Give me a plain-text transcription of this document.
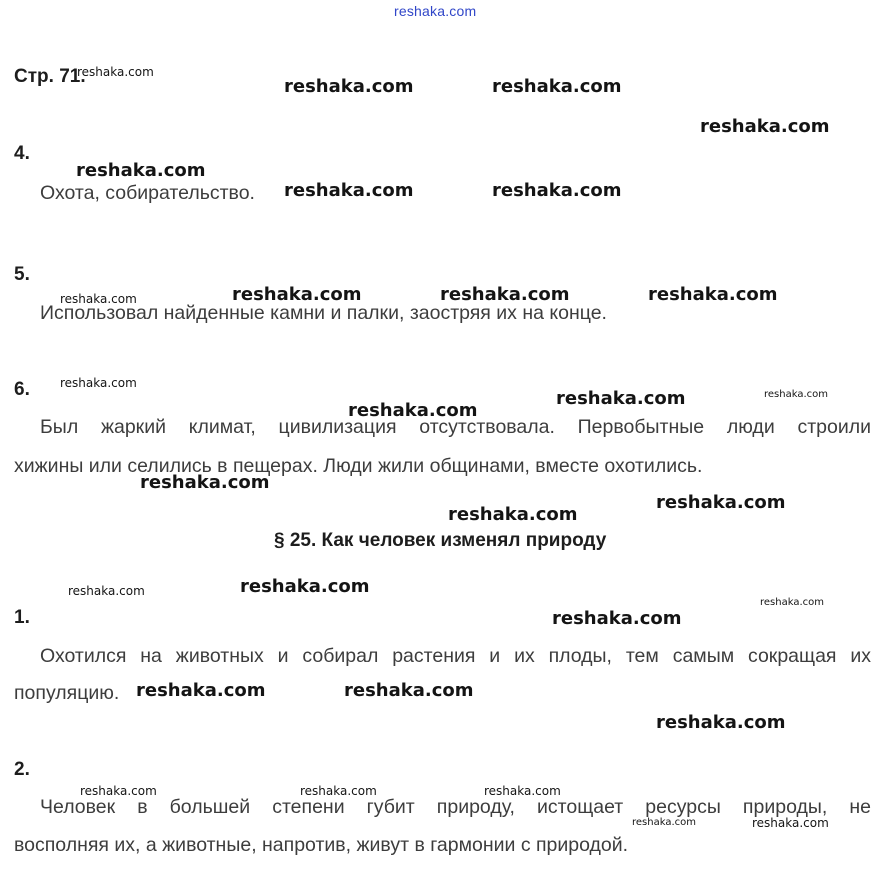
reshaka.com
Стр. 71.
4.
Охота, собирательство.
5.
Использовал найденные камни и палки, заостряя их на конце.
6.
Был жаркий климат, цивилизация отсутствовала. Первобытные люди строили
хижины или селились в пещерах. Люди жили общинами, вместе охотились.
§ 25. Как человек изменял природу
1.
Охотился на животных и собирал растения и их плоды, тем самым сокращая их
популяцию.
2.
Человек в большей степени губит природу, истощает ресурсы природы, не
восполняя их, а животные, напротив, живут в гармонии с природой.
reshaka.com
reshaka.com	reshaka.com
reshaka.com
reshaka.com
reshaka.com	reshaka.com
reshaka.com	reshaka.com	reshaka.com	reshaka.com
reshaka.com
reshaka.com	reshaka.com
reshaka.com
reshaka.com
reshaka.com
reshaka.com
reshaka.com	reshaka.com
reshaka.com
reshaka.com
reshaka.com	reshaka.com
reshaka.com
reshaka.com	reshaka.com	reshaka.com
reshaka.com	reshaka.com
